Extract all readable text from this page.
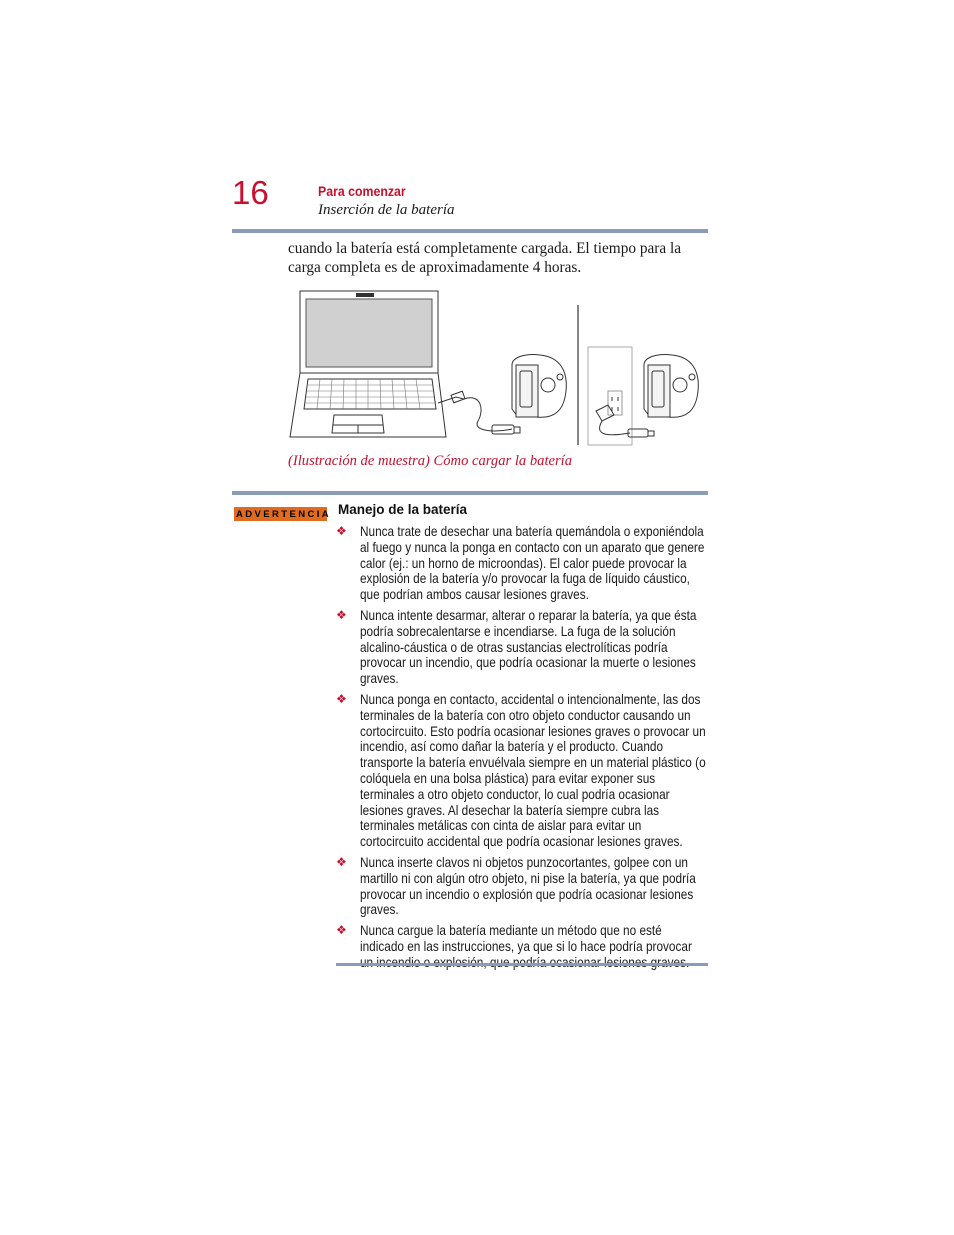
16	Para comenzar
Inserción de la batería

cuando la batería está completamente cargada. El tiempo para la carga completa es de aproximadamente 4 horas.

(Ilustración de muestra) Cómo cargar la batería
ADVERTENCIA Manejo de la batería
❖ Nunca trate de desechar una batería quemándola o exponiéndola al fuego y nunca la ponga en contacto con un aparato que genere calor (ej.: un horno de microondas). El calor puede provocar la explosión de la batería y/o provocar la fuga de líquido cáustico, que podrían ambos causar lesiones graves.
❖ Nunca intente desarmar, alterar o reparar la batería, ya que ésta podría sobrecalentarse e incendiarse. La fuga de la solución alcalino-cáustica o de otras sustancias electrolíticas podría provocar un incendio, que podría ocasionar la muerte o lesiones graves.
❖ Nunca ponga en contacto, accidental o intencionalmente, las dos terminales de la batería con otro objeto conductor causando un cortocircuito. Esto podría ocasionar lesiones graves o provocar un incendio, así como dañar la batería y el producto. Cuando transporte la batería envuélvala siempre en un material plástico (o colóquela en una bolsa plástica) para evitar exponer sus terminales a otro objeto conductor, lo cual podría ocasionar lesiones graves. Al desechar la batería siempre cubra las terminales metálicas con cinta de aislar para evitar un cortocircuito accidental que podría ocasionar lesiones graves.
❖ Nunca inserte clavos ni objetos punzocortantes, golpee con un martillo ni con algún otro objeto, ni pise la batería, ya que podría provocar un incendio o explosión que podría ocasionar lesiones graves.
❖ Nunca cargue la batería mediante un método que no esté indicado en las instrucciones, ya que si lo hace podría provocar
